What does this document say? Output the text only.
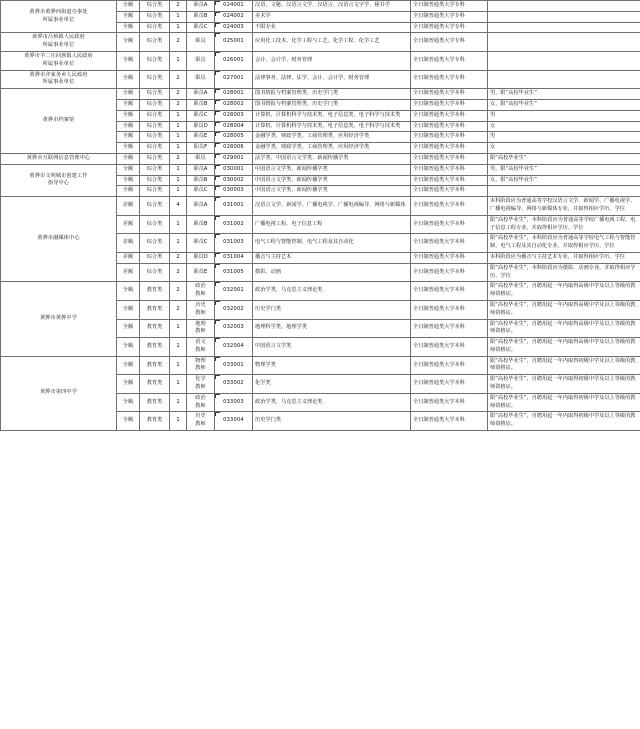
黄骅市黄骅西街道办事处
所属事业单位	全额	综合类	2	职员A	024001	汉语、文秘、汉语言文学、汉语言、汉语言文字学、秘书学	全日制普通类大学专科	
	全额	综合类	1	职员B	024002	美术学	全日制普通类大学专科	
	全额	综合类	1	职员C	024003	不限专业	全日制普通类大学专科	
黄骅市吕桥镇人民政府
所属事业单位	全额	综合类	2	职员	025001	应用化工技术、化学工程与工艺、化学工程、化学工艺	全日制普通类大学专科	
黄骅市羊二庄回族镇人民政府
所属事业单位	全额	综合类	1	职员	026001	会计、会计学、财务管理	全日制普通类大学专科	
黄骅市齐家务乡人民政府
所属事业单位	全额	综合类	2	职员	027001	法律事务、法律、法学、会计、会计学、财务管理	全日制普通类大学专科	
黄骅市档案馆	全额	综合类	2	职员A	028001	图书情报与档案管理类、历史学门类	全日制普通类大学本科	男，限“高校毕业生”
	全额	综合类	2	职员B	028002	图书情报与档案管理类、历史学门类	全日制普通类大学本科	女，限“高校毕业生”
	全额	综合类	1	职员C	028003	计算机、计算机科学与技术类、电子信息类、电子科学与技术类	全日制普通类大学本科	男
	全额	综合类	1	职员D	028004	计算机、计算机科学与技术类、电子信息类、电子科学与技术类	全日制普通类大学本科	女
	全额	综合类	1	职员E	028005	金融学类、财政学类、工商管理类、应用经济学类	全日制普通类大学本科	男
	全额	综合类	1	职员F	028006	金融学类、财政学类、工商管理类、应用经济学类	全日制普通类大学本科	女
黄骅市互联网信息管理中心	全额	综合类	2	职员	029001	法学类、中国语言文学类、新闻传播学类	全日制普通类大学本科	限“高校毕业生”
黄骅市文明城市创建工作
指导中心	全额	综合类	1	职员A	030001	中国语言文学类、新闻传播学类	全日制普通类大学本科	男，限“高校毕业生”
	全额	综合类	1	职员B	030002	中国语言文学类、新闻传播学类	全日制普通类大学本科	女，限“高校毕业生”
	全额	综合类	1	职员C	030003	中国语言文学类、新闻传播学类	全日制普通类大学本科	
黄骅市融媒体中心	差额	综合类	4	职员A	031001	汉语言文学、新闻学、广播电视学、广播电视编导、网络与新媒体	全日制普通类大学本科	本科阶段应为普通高等学校汉语言文学、新闻学、广播电视学、广播电视编导、网络与新媒体专业，并取得相应学历、学位
	差额	综合类	1	职员B	031002	广播电视工程、电子信息工程	全日制普通类大学本科	限“高校毕业生”，本科阶段应为普通高等学校广播电视工程、电子信息工程专业，并取得相应学历、学位
	差额	综合类	1	职员C	031003	电气工程与智能控制、电气工程及其自动化	全日制普通类大学本科	限“高校毕业生”，本科阶段应为普通高等学校电气工程与智能控制、电气工程及其自动化专业，并取得相应学历、学位
	差额	综合类	2	职员D	031004	播音与主持艺术	全日制普通类大学本科	本科阶段应为播音与主持艺术专业，并取得相应学历、学位
	差额	综合类	2	职员E	031005	摄影、动画	全日制普通类大学本科	限“高校毕业生”，本科阶段应为摄影、动画专业，并取得相应学历、学位
黄骅市黄骅中学	全额	教育类	2	政治
教师	032001	政治学类、马克思主义理论类	全日制普通类大学本科	限“高校毕业生”，自聘用起一年内取得高级中学及以上等级的教师资格证。
	全额	教育类	2	历史
教师	032002	历史学门类	全日制普通类大学本科	限“高校毕业生”，自聘用起一年内取得高级中学及以上等级的教师资格证。
	全额	教育类	1	地理
教师	032003	地理科学类、地理学类	全日制普通类大学本科	限“高校毕业生”，自聘用起一年内取得高级中学及以上等级的教师资格证。
	全额	教育类	1	语文
教师	032004	中国语言文学类	全日制普通类大学本科	限“高校毕业生”，自聘用起一年内取得高级中学及以上等级的教师资格证。
黄骅市第四中学	全额	教育类	1	物理
教师	033001	物理学类	全日制普通类大学本科	限“高校毕业生”，自聘用起一年内取得初级中学及以上等级的教师资格证。
	全额	教育类	1	化学
教师	033002	化学类	全日制普通类大学本科	限“高校毕业生”，自聘用起一年内取得初级中学及以上等级的教师资格证。
	全额	教育类	1	政治
教师	033003	政治学类、马克思主义理论类	全日制普通类大学本科	限“高校毕业生”，自聘用起一年内取得初级中学及以上等级的教师资格证。
	全额	教育类	1	历史
教师	033004	历史学门类	全日制普通类大学本科	限“高校毕业生”，自聘用起一年内取得初级中学及以上等级的教师资格证。
